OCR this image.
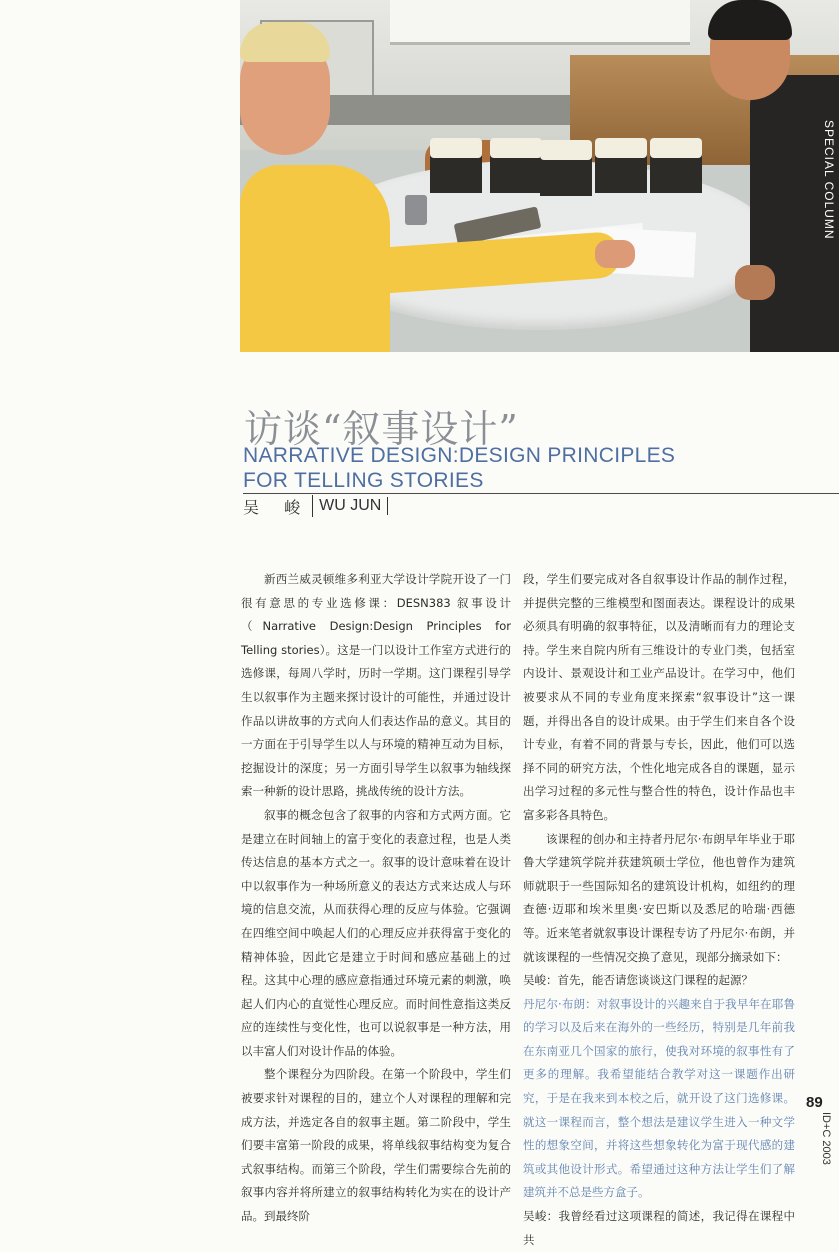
SPECIAL COLUMN
访谈“叙事设计”
NARRATIVE DESIGN:DESIGN PRINCIPLES
FOR TELLING STORIES
吴 峻 WU JUN

新西兰威灵顿维多利亚大学设计学院开设了一门很有意思的专业选修课：DESN383 叙事设计（Narrative Design:Design Principles for Telling stories）。这是一门以设计工作室方式进行的选修课，每周八学时，历时一学期。这门课程引导学生以叙事作为主题来探讨设计的可能性，并通过设计作品以讲故事的方式向人们表达作品的意义。其目的一方面在于引导学生以人与环境的精神互动为目标，挖掘设计的深度；另一方面引导学生以叙事为轴线探索一种新的设计思路，挑战传统的设计方法。

叙事的概念包含了叙事的内容和方式两方面。它是建立在时间轴上的富于变化的表意过程，也是人类传达信息的基本方式之一。叙事的设计意味着在设计中以叙事作为一种场所意义的表达方式来达成人与环境的信息交流，从而获得心理的反应与体验。它强调在四维空间中唤起人们的心理反应并获得富于变化的精神体验，因此它是建立于时间和感应基础上的过程。这其中心理的感应意指通过环境元素的刺激，唤起人们内心的直觉性心理反应。而时间性意指这类反应的连续性与变化性，也可以说叙事是一种方法，用以丰富人们对设计作品的体验。

整个课程分为四阶段。在第一个阶段中，学生们被要求针对课程的目的，建立个人对课程的理解和完成方法，并选定各自的叙事主题。第二阶段中，学生们要丰富第一阶段的成果，将单线叙事结构变为复合式叙事结构。而第三个阶段，学生们需要综合先前的叙事内容并将所建立的叙事结构转化为实在的设计产品。到最终阶

段，学生们要完成对各自叙事设计作品的制作过程，并提供完整的三维模型和图面表达。课程设计的成果必须具有明确的叙事特征，以及清晰而有力的理论支持。学生来自院内所有三维设计的专业门类，包括室内设计、景观设计和工业产品设计。在学习中，他们被要求从不同的专业角度来探索“叙事设计”这一课题，并得出各自的设计成果。由于学生们来自各个设计专业，有着不同的背景与专长，因此，他们可以选择不同的研究方法，个性化地完成各自的课题，显示出学习过程的多元性与整合性的特色，设计作品也丰富多彩各具特色。

该课程的创办和主持者丹尼尔·布朗早年毕业于耶鲁大学建筑学院并获建筑硕士学位，他也曾作为建筑师就职于一些国际知名的建筑设计机构，如纽约的理查德·迈耶和埃米里奥·安巴斯以及悉尼的哈瑞·西德等。近来笔者就叙事设计课程专访了丹尼尔·布朗，并就该课程的一些情况交换了意见，现部分摘录如下：

吴峻：首先，能否请您谈谈这门课程的起源？

丹尼尔·布朗：对叙事设计的兴趣来自于我早年在耶鲁的学习以及后来在海外的一些经历，特别是几年前我在东南亚几个国家的旅行，使我对环境的叙事性有了更多的理解。我希望能结合教学对这一课题作出研究，于是在我来到本校之后，就开设了这门选修课。就这一课程而言，整个想法是建议学生进入一种文学性的想象空间，并将这些想象转化为富于现代感的建筑或其他设计形式。希望通过这种方法让学生们了解建筑并不总是些方盒子。

吴峻：我曾经看过这项课程的简述，我记得在课程中共

89
ID+C 2003
